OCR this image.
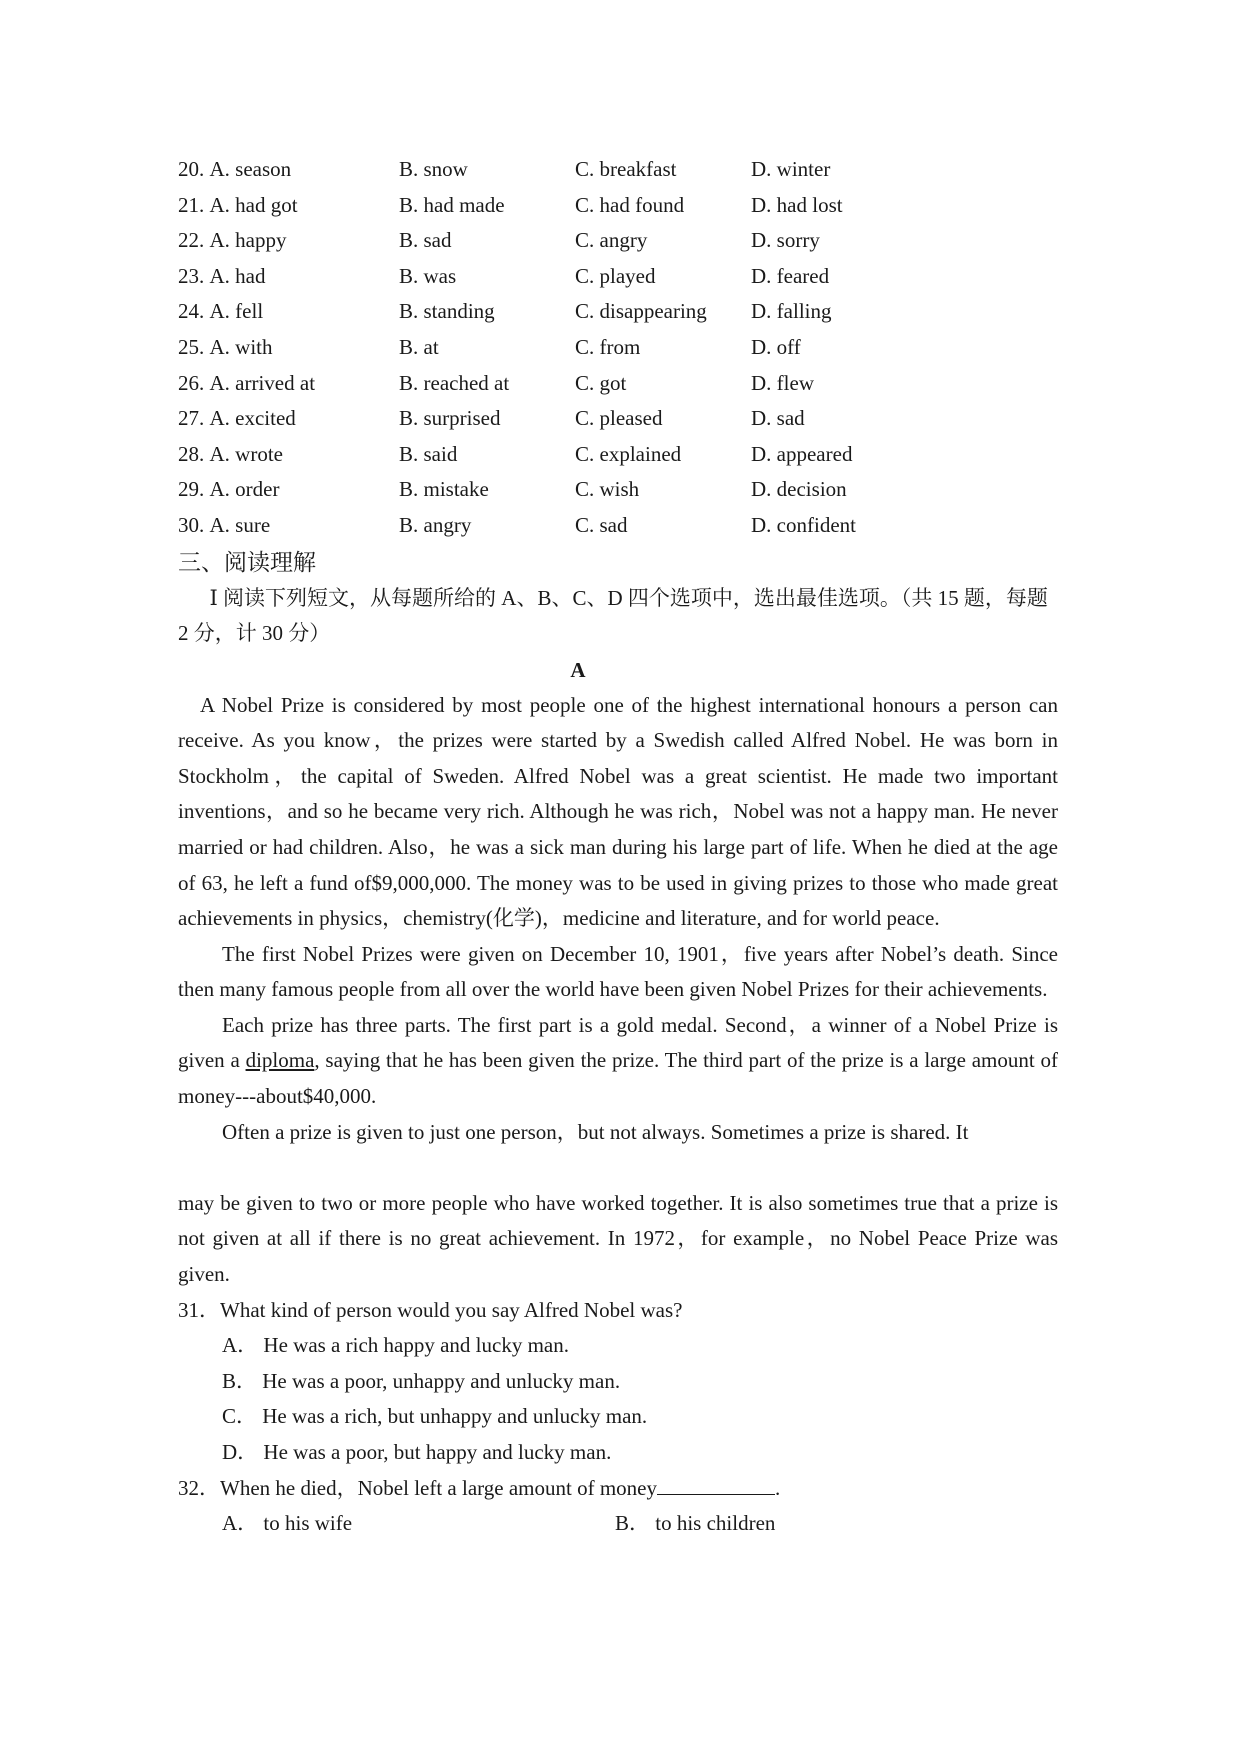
20. A. season	B. snow	C. breakfast	D. winter
21. A. had got	B. had made	C. had found	D. had lost
22. A. happy	B. sad	C. angry	D. sorry
23. A. had	B. was	C. played	D. feared
24. A. fell	B. standing	C. disappearing	D. falling
25. A. with	B. at	C. from	D. off
26. A. arrived at	B. reached at	C. got	D. flew
27. A. excited	B. surprised	C. pleased	D. sad
28. A. wrote	B. said	C. explained	D. appeared
29. A. order	B. mistake	C. wish	D. decision
30. A. sure	B. angry	C. sad	D. confident
三、阅读理解
Ⅰ 阅读下列短文，从每题所给的 A、B、C、D 四个选项中，选出最佳选项。（共 15 题，每题 2 分，计 30 分）
A

A Nobel Prize is considered by most people one of the highest international honours a person can receive. As you know，the prizes were started by a Swedish called Alfred Nobel. He was born in Stockholm，the capital of Sweden. Alfred Nobel was a great scientist. He made two important inventions，and so he became very rich. Although he was rich，Nobel was not a happy man. He never married or had children. Also，he was a sick man during his large part of life. When he died at the age of 63, he left a fund of$9,000,000. The money was to be used in giving prizes to those who made great achievements in physics，chemistry(化学)，medicine and literature, and for world peace.

The first Nobel Prizes were given on December 10, 1901，five years after Nobel’s death. Since then many famous people from all over the world have been given Nobel Prizes for their achievements.

Each prize has three parts. The first part is a gold medal. Second，a winner of a Nobel Prize is given a diploma, saying that he has been given the prize. The third part of the prize is a large amount of money---about$40,000.

Often a prize is given to just one person，but not always. Sometimes a prize is shared. It

may be given to two or more people who have worked together. It is also sometimes true that a prize is not given at all if there is no great achievement. In 1972，for example，no Nobel Peace Prize was given.

31．What kind of person would you say Alfred Nobel was?
A． He was a rich happy and lucky man.
B． He was a poor, unhappy and unlucky man.
C． He was a rich, but unhappy and unlucky man.
D． He was a poor, but happy and lucky man.
32．When he died，Nobel left a large amount of money	.
A． to his wife	B． to his children
